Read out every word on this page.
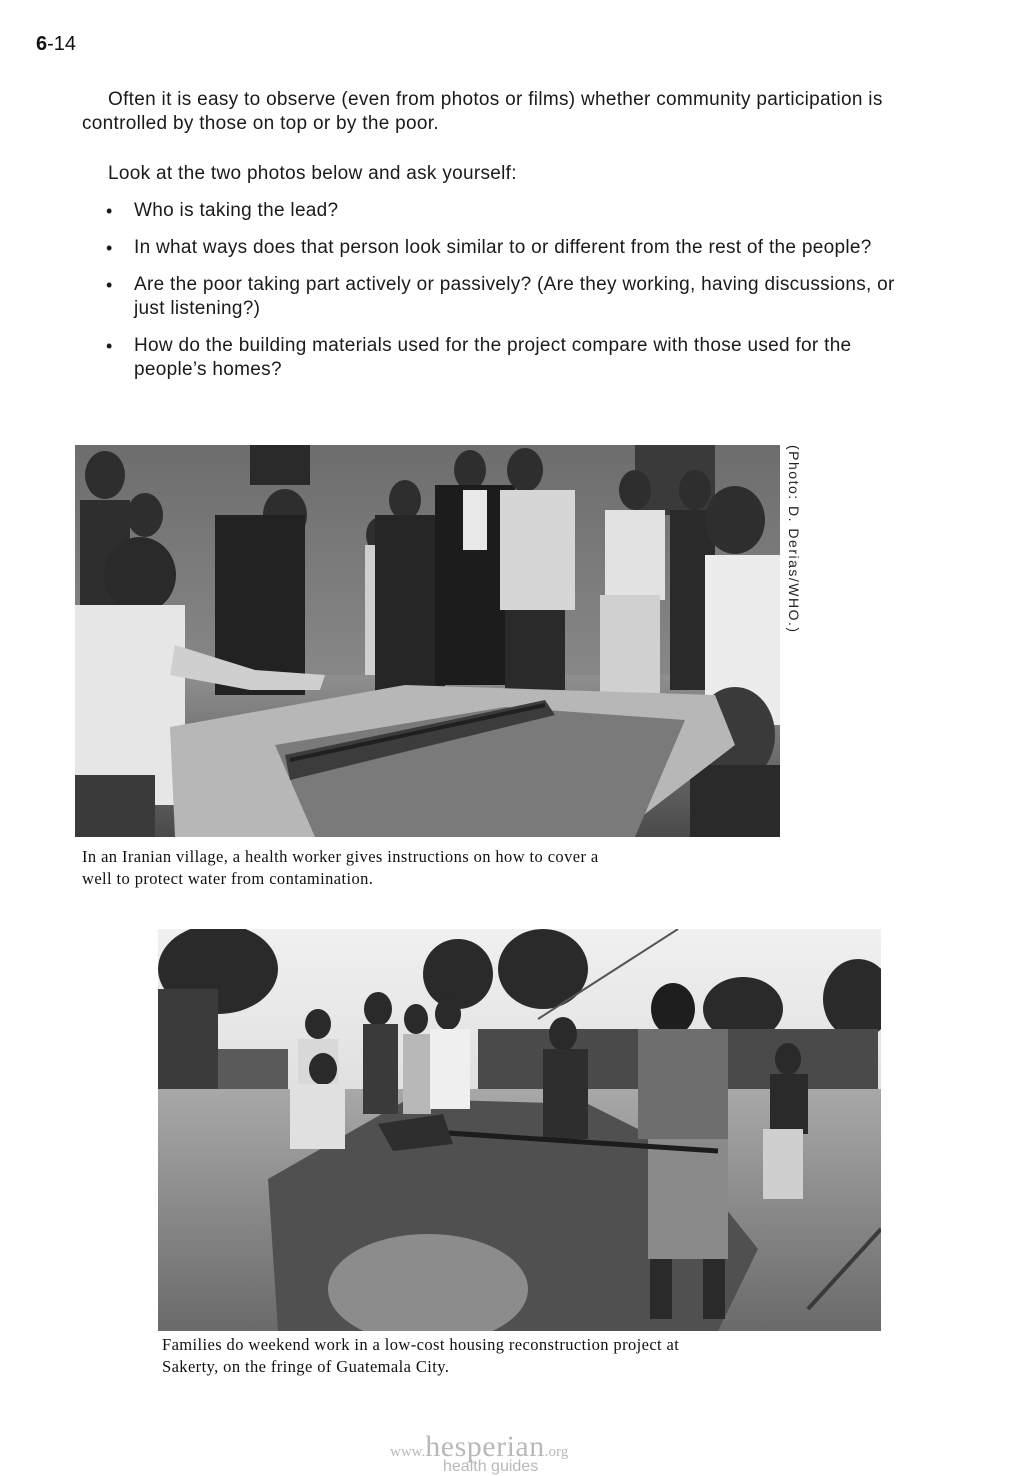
6-14

Often it is easy to observe (even from photos or films) whether community participation is controlled by those on top or by the poor.

Look at the two photos below and ask yourself:
• Who is taking the lead?
• In what ways does that person look similar to or different from the rest of the people?
• Are the poor taking part actively or passively? (Are they working, having discussions, or just listening?)
• How do the building materials used for the project compare with those used for the people’s homes?
(Photo: D. Derias/WHO.)
In an Iranian village, a health worker gives instructions on how to cover a well to protect water from contamination.
Families do weekend work in a low-cost housing reconstruction project at Sakerty, on the fringe of Guatemala City.
www.hesperian.org
health guides
